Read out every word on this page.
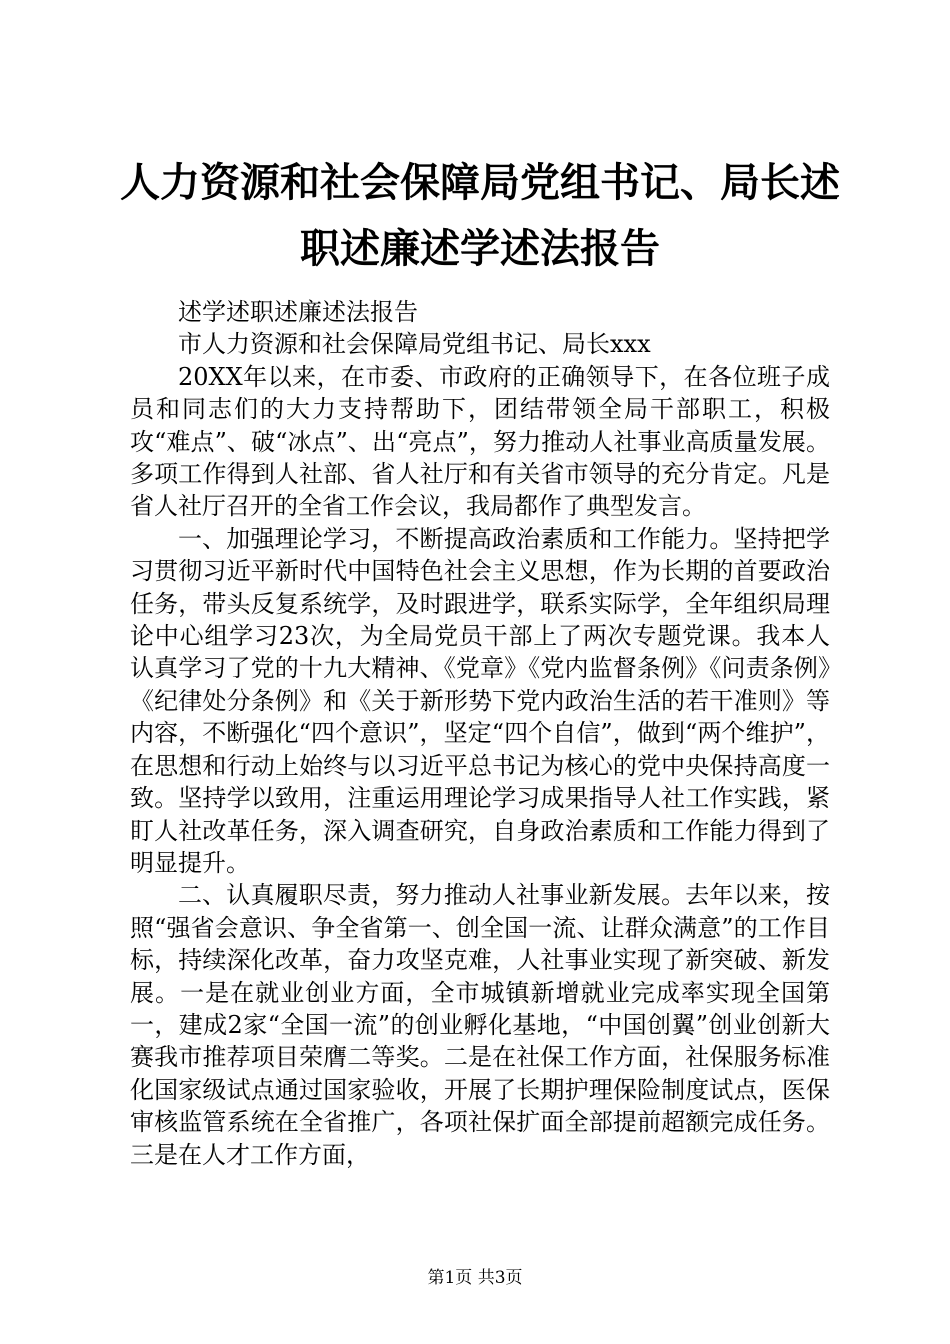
人力资源和社会保障局党组书记、局长述职述廉述学述法报告

述学述职述廉述法报告

市人力资源和社会保障局党组书记、局长xxx

20XX年以来，在市委、市政府的正确领导下，在各位班子成员和同志们的大力支持帮助下，团结带领全局干部职工，积极攻“难点”、破“冰点”、出“亮点”，努力推动人社事业高质量发展。多项工作得到人社部、省人社厅和有关省市领导的充分肯定。凡是省人社厅召开的全省工作会议，我局都作了典型发言。

一、加强理论学习，不断提高政治素质和工作能力。坚持把学习贯彻习近平新时代中国特色社会主义思想，作为长期的首要政治任务，带头反复系统学，及时跟进学，联系实际学，全年组织局理论中心组学习23次，为全局党员干部上了两次专题党课。我本人认真学习了党的十九大精神、《党章》《党内监督条例》《问责条例》《纪律处分条例》和《关于新形势下党内政治生活的若干准则》等内容，不断强化“四个意识”，坚定“四个自信”，做到“两个维护”，在思想和行动上始终与以习近平总书记为核心的党中央保持高度一致。坚持学以致用，注重运用理论学习成果指导人社工作实践，紧盯人社改革任务，深入调查研究，自身政治素质和工作能力得到了明显提升。

二、认真履职尽责，努力推动人社事业新发展。去年以来，按照“强省会意识、争全省第一、创全国一流、让群众满意”的工作目标，持续深化改革，奋力攻坚克难，人社事业实现了新突破、新发展。一是在就业创业方面，全市城镇新增就业完成率实现全国第一，建成2家“全国一流”的创业孵化基地，“中国创翼”创业创新大赛我市推荐项目荣膺二等奖。二是在社保工作方面，社保服务标准化国家级试点通过国家验收，开展了长期护理保险制度试点，医保审核监管系统在全省推广，各项社保扩面全部提前超额完成任务。三是在人才工作方面，

第1页 共3页
